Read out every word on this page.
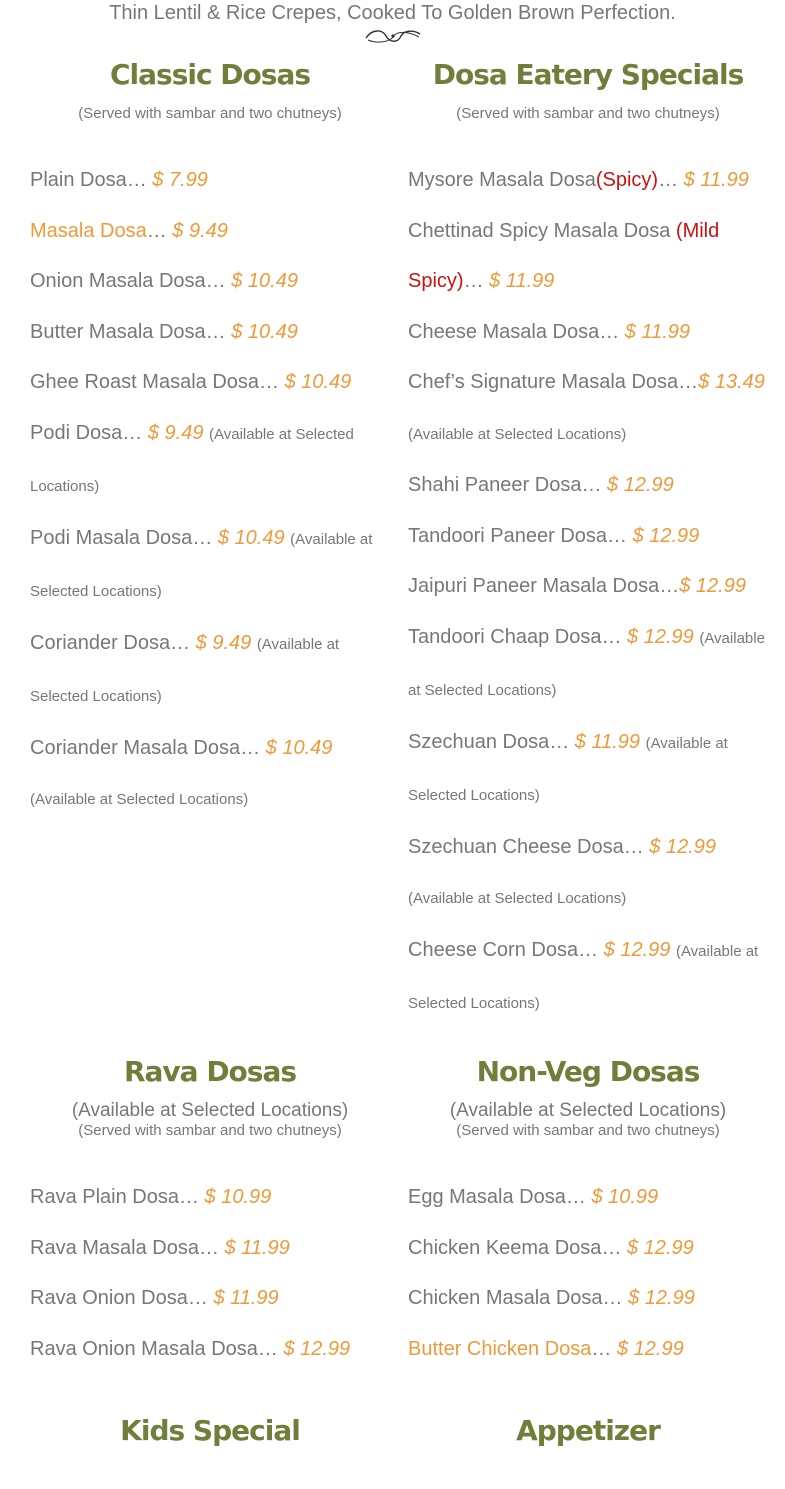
Thin Lentil & Rice Crepes, Cooked To Golden Brown Perfection.

Classic Dosas

(Served with sambar and two chutneys)

Plain Dosa… $ 7.99
Masala Dosa… $ 9.49
Onion Masala Dosa… $ 10.49
Butter Masala Dosa… $ 10.49
Ghee Roast Masala Dosa… $ 10.49
Podi Dosa… $ 9.49 (Available at Selected Locations)
Podi Masala Dosa… $ 10.49 (Available at Selected Locations)
Coriander Dosa… $ 9.49 (Available at Selected Locations)
Coriander Masala Dosa… $ 10.49 (Available at Selected Locations)
Dosa Eatery Specials

(Served with sambar and two chutneys)

Mysore Masala Dosa(Spicy)… $ 11.99
Chettinad Spicy Masala Dosa (Mild Spicy)… $ 11.99
Cheese Masala Dosa… $ 11.99
Chef’s Signature Masala Dosa…$ 13.49 (Available at Selected Locations)
Shahi Paneer Dosa… $ 12.99
Tandoori Paneer Dosa… $ 12.99
Jaipuri Paneer Masala Dosa…$ 12.99
Tandoori Chaap Dosa… $ 12.99 (Available at Selected Locations)
Szechuan Dosa… $ 11.99 (Available at Selected Locations)
Szechuan Cheese Dosa… $ 12.99 (Available at Selected Locations)
Cheese Corn Dosa… $ 12.99 (Available at Selected Locations)
Rava Dosas

(Available at Selected Locations)

(Served with sambar and two chutneys)

Rava Plain Dosa… $ 10.99
Rava Masala Dosa… $ 11.99
Rava Onion Dosa… $ 11.99
Rava Onion Masala Dosa… $ 12.99
Non-Veg Dosas

(Available at Selected Locations)

(Served with sambar and two chutneys)

Egg Masala Dosa… $ 10.99
Chicken Keema Dosa… $ 12.99
Chicken Masala Dosa… $ 12.99
Butter Chicken Dosa… $ 12.99
Kids Special	Appetizer
